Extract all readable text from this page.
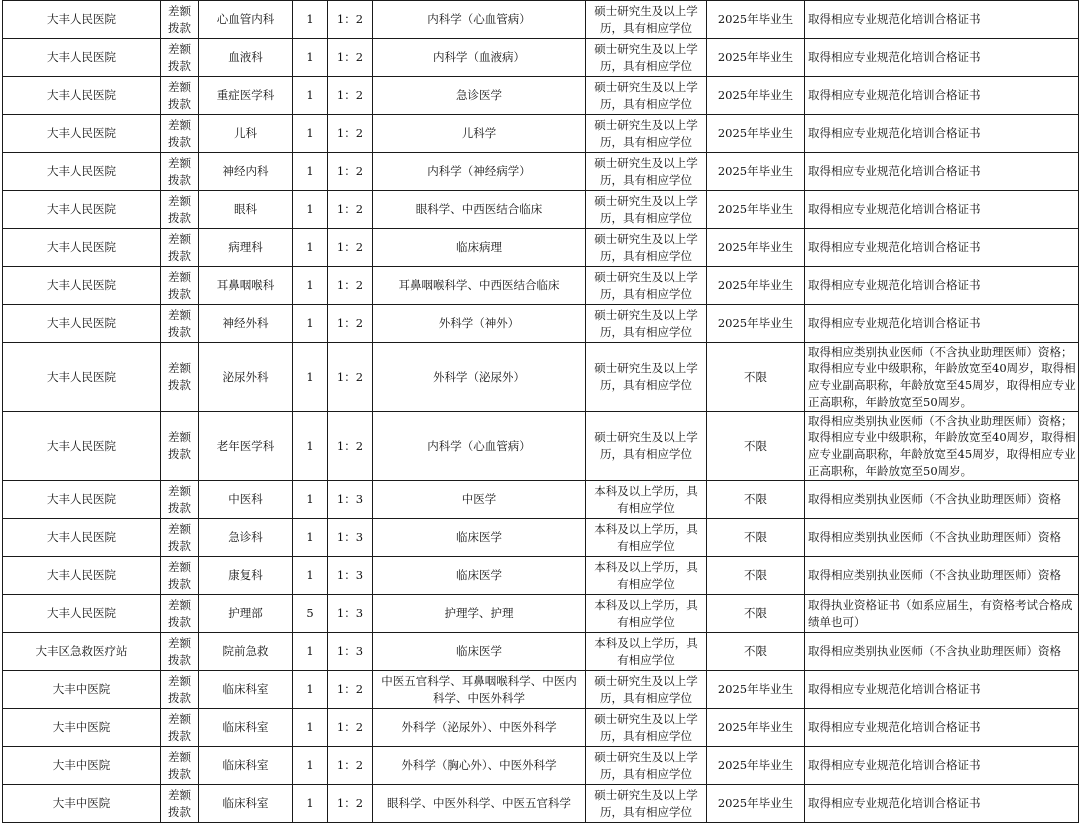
大丰人民医院	差额拨款	心血管内科	1	1：2	内科学（心血管病）	硕士研究生及以上学历，具有相应学位	2025年毕业生	取得相应专业规范化培训合格证书
大丰人民医院	差额拨款	血液科	1	1：2	内科学（血液病）	硕士研究生及以上学历，具有相应学位	2025年毕业生	取得相应专业规范化培训合格证书
大丰人民医院	差额拨款	重症医学科	1	1：2	急诊医学	硕士研究生及以上学历，具有相应学位	2025年毕业生	取得相应专业规范化培训合格证书
大丰人民医院	差额拨款	儿科	1	1：2	儿科学	硕士研究生及以上学历，具有相应学位	2025年毕业生	取得相应专业规范化培训合格证书
大丰人民医院	差额拨款	神经内科	1	1：2	内科学（神经病学）	硕士研究生及以上学历，具有相应学位	2025年毕业生	取得相应专业规范化培训合格证书
大丰人民医院	差额拨款	眼科	1	1：2	眼科学、中西医结合临床	硕士研究生及以上学历，具有相应学位	2025年毕业生	取得相应专业规范化培训合格证书
大丰人民医院	差额拨款	病理科	1	1：2	临床病理	硕士研究生及以上学历，具有相应学位	2025年毕业生	取得相应专业规范化培训合格证书
大丰人民医院	差额拨款	耳鼻咽喉科	1	1：2	耳鼻咽喉科学、中西医结合临床	硕士研究生及以上学历，具有相应学位	2025年毕业生	取得相应专业规范化培训合格证书
大丰人民医院	差额拨款	神经外科	1	1：2	外科学（神外）	硕士研究生及以上学历，具有相应学位	2025年毕业生	取得相应专业规范化培训合格证书
大丰人民医院	差额拨款	泌尿外科	1	1：2	外科学（泌尿外）	硕士研究生及以上学历，具有相应学位	不限	取得相应类别执业医师（不含执业助理医师）资格；取得相应专业中级职称，年龄放宽至40周岁，取得相应专业副高职称，年龄放宽至45周岁，取得相应专业正高职称，年龄放宽至50周岁。
大丰人民医院	差额拨款	老年医学科	1	1：2	内科学（心血管病）	硕士研究生及以上学历，具有相应学位	不限	取得相应类别执业医师（不含执业助理医师）资格；取得相应专业中级职称，年龄放宽至40周岁，取得相应专业副高职称，年龄放宽至45周岁，取得相应专业正高职称，年龄放宽至50周岁。
大丰人民医院	差额拨款	中医科	1	1：3	中医学	本科及以上学历，具有相应学位	不限	取得相应类别执业医师（不含执业助理医师）资格
大丰人民医院	差额拨款	急诊科	1	1：3	临床医学	本科及以上学历，具有相应学位	不限	取得相应类别执业医师（不含执业助理医师）资格
大丰人民医院	差额拨款	康复科	1	1：3	临床医学	本科及以上学历，具有相应学位	不限	取得相应类别执业医师（不含执业助理医师）资格
大丰人民医院	差额拨款	护理部	5	1：3	护理学、护理	本科及以上学历，具有相应学位	不限	取得执业资格证书（如系应届生，有资格考试合格成绩单也可）
大丰区急救医疗站	差额拨款	院前急救	1	1：3	临床医学	本科及以上学历，具有相应学位	不限	取得相应类别执业医师（不含执业助理医师）资格
大丰中医院	差额拨款	临床科室	1	1：2	中医五官科学、耳鼻咽喉科学、中医内科学、中医外科学	硕士研究生及以上学历，具有相应学位	2025年毕业生	取得相应专业规范化培训合格证书
大丰中医院	差额拨款	临床科室	1	1：2	外科学（泌尿外）、中医外科学	硕士研究生及以上学历，具有相应学位	2025年毕业生	取得相应专业规范化培训合格证书
大丰中医院	差额拨款	临床科室	1	1：2	外科学（胸心外）、中医外科学	硕士研究生及以上学历，具有相应学位	2025年毕业生	取得相应专业规范化培训合格证书
大丰中医院	差额拨款	临床科室	1	1：2	眼科学、中医外科学、中医五官科学	硕士研究生及以上学历，具有相应学位	2025年毕业生	取得相应专业规范化培训合格证书
